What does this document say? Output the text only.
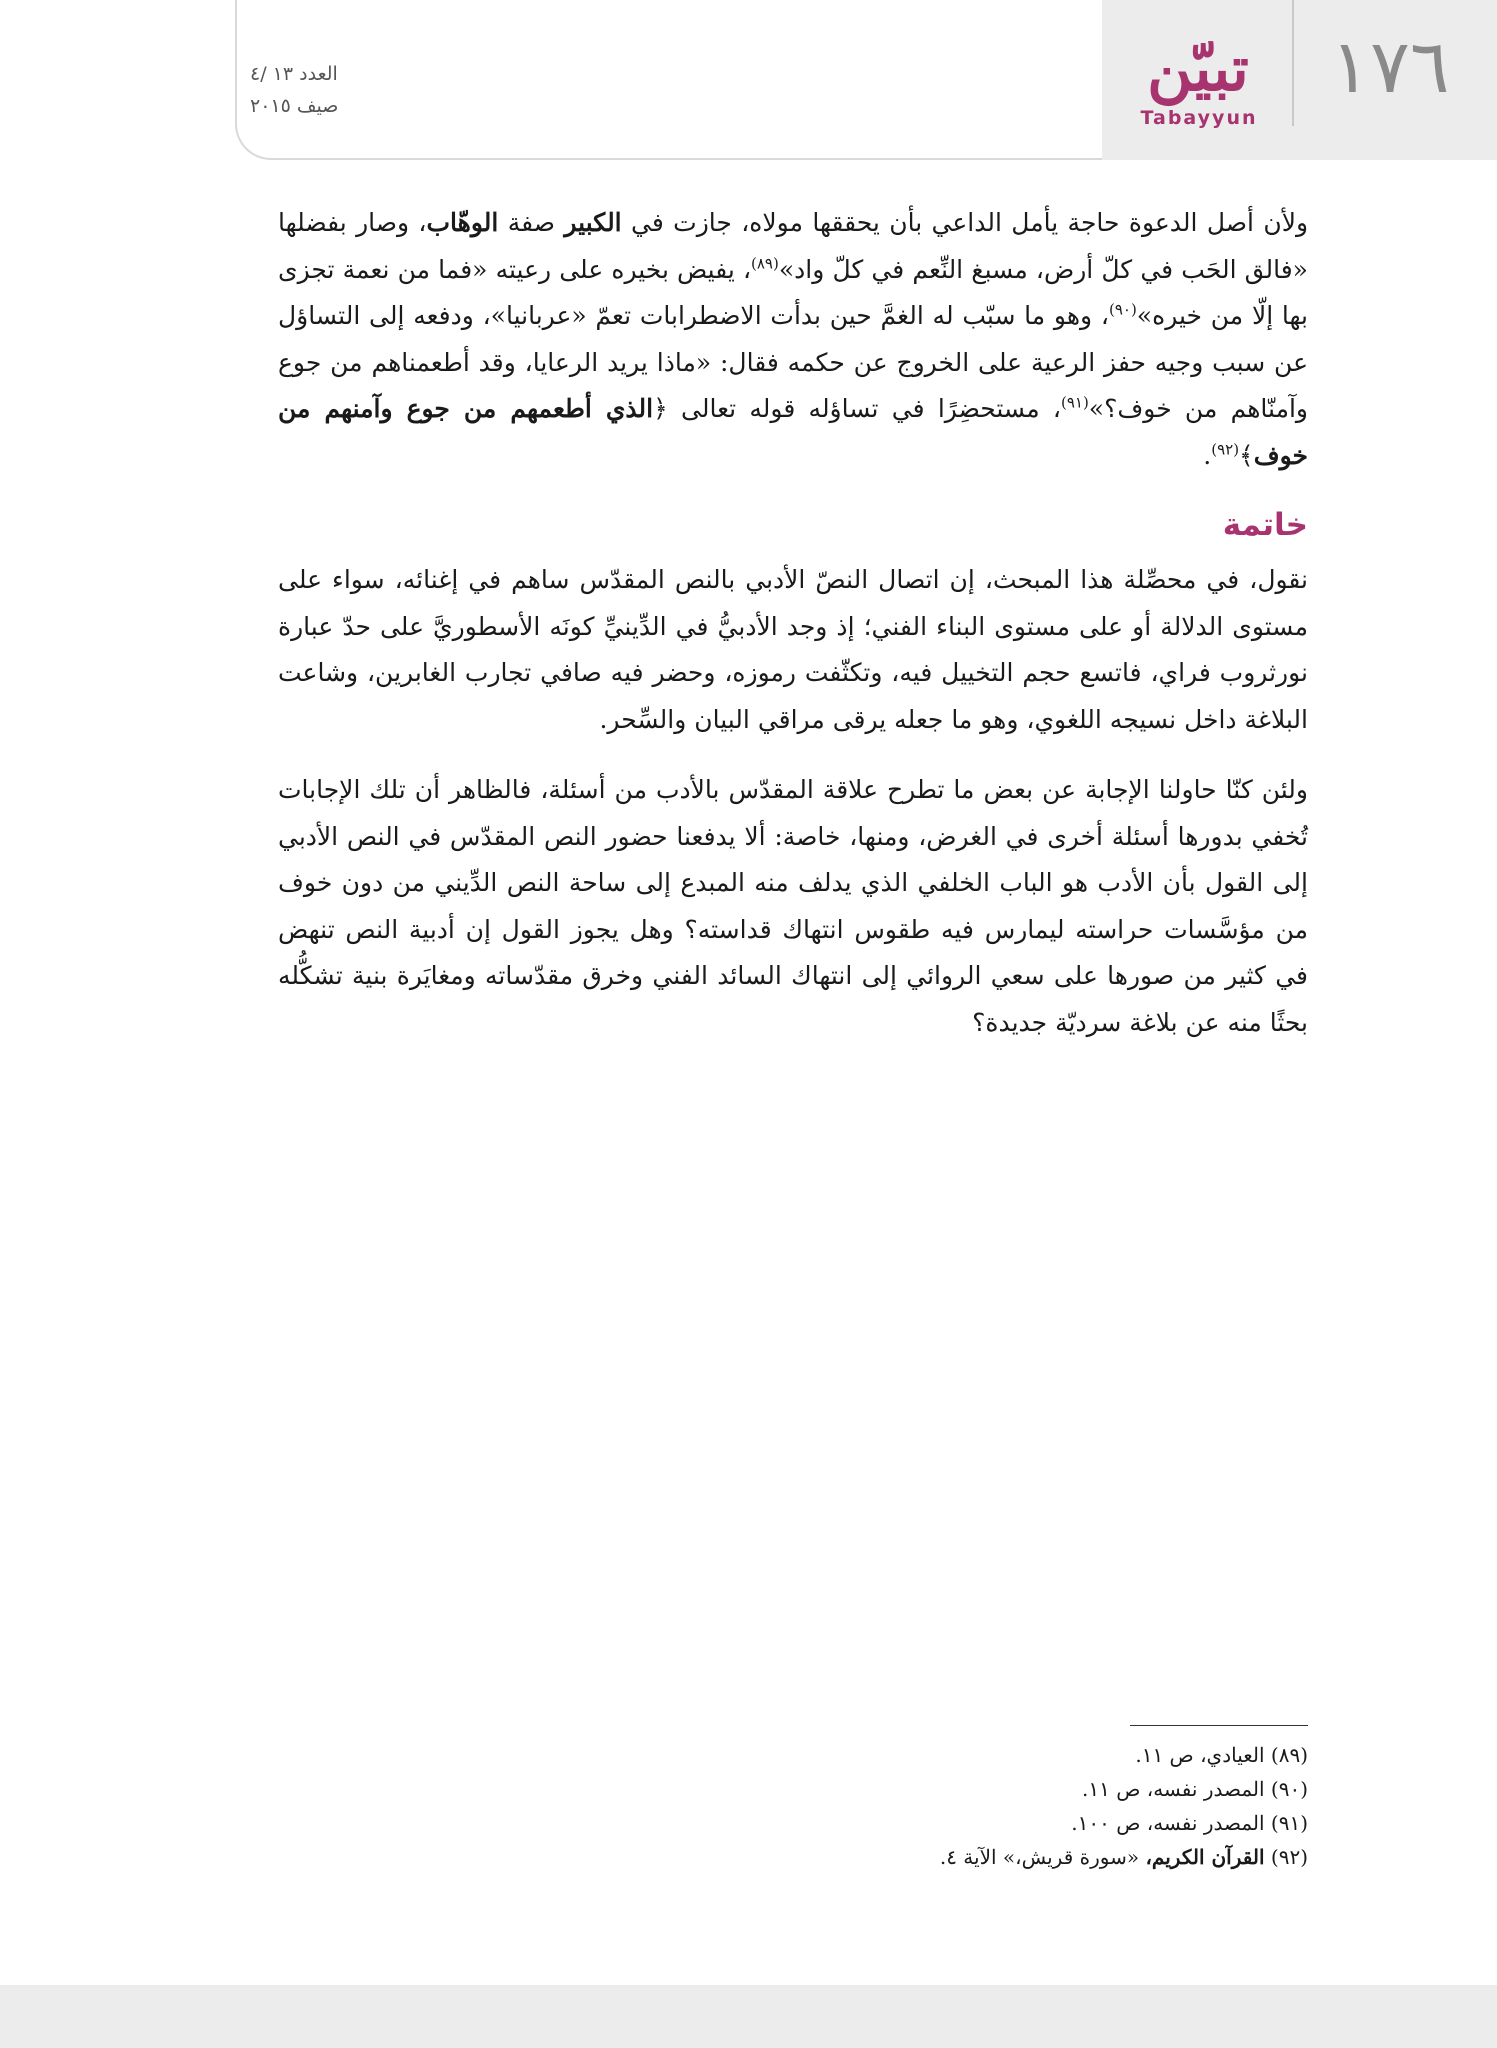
١٧٦
تبيّن
Tabayyun
العدد ١٣ /٤
صيف ٢٠١٥

ولأن أصل الدعوة حاجة يأمل الداعي بأن يحققها مولاه، جازت في الكبير صفة الوهّاب، وصار بفضلها «فالق الحَب في كلّ أرض، مسبغ النِّعم في كلّ واد»$^{(٨٩)}$، يفيض بخيره على رعيته «فما من نعمة تجزى بها إلّا من خيره»$^{(٩٠)}$، وهو ما سبّب له الغمَّ حين بدأت الاضطرابات تعمّ «عربانيا»، ودفعه إلى التساؤل عن سبب وجيه حفز الرعية على الخروج عن حكمه فقال: «ماذا يريد الرعايا، وقد أطعمناهم من جوع وآمنّاهم من خوف؟»$^{(٩١)}$، مستحضِرًا في تساؤله قوله تعالى ﴿الذي أطعمهم من جوع وآمنهم من خوف﴾$^{(٩٢)}$.

خاتمة

نقول، في محصِّلة هذا المبحث، إن اتصال النصّ الأدبي بالنص المقدّس ساهم في إغنائه، سواء على مستوى الدلالة أو على مستوى البناء الفني؛ إذ وجد الأدبيُّ في الدِّينيِّ كونَه الأسطوريَّ على حدّ عبارة نورثروب فراي، فاتسع حجم التخييل فيه، وتكثّفت رموزه، وحضر فيه صافي تجارب الغابرين، وشاعت البلاغة داخل نسيجه اللغوي، وهو ما جعله يرقى مراقي البيان والسِّحر.

ولئن كنّا حاولنا الإجابة عن بعض ما تطرح علاقة المقدّس بالأدب من أسئلة، فالظاهر أن تلك الإجابات تُخفي بدورها أسئلة أخرى في الغرض، ومنها، خاصة: ألا يدفعنا حضور النص المقدّس في النص الأدبي إلى القول بأن الأدب هو الباب الخلفي الذي يدلف منه المبدع إلى ساحة النص الدِّيني من دون خوف من مؤسَّسات حراسته ليمارس فيه طقوس انتهاك قداسته؟ وهل يجوز القول إن أدبية النص تنهض في كثير من صورها على سعي الروائي إلى انتهاك السائد الفني وخرق مقدّساته ومغايَرة بنية تشكُّله بحثًا منه عن بلاغة سرديّة جديدة؟

(٨٩) العيادي، ص ١١.
(٩٠) المصدر نفسه، ص ١١.
(٩١) المصدر نفسه، ص ١٠٠.
(٩٢) القرآن الكريم، «سورة قريش،» الآية ٤.
